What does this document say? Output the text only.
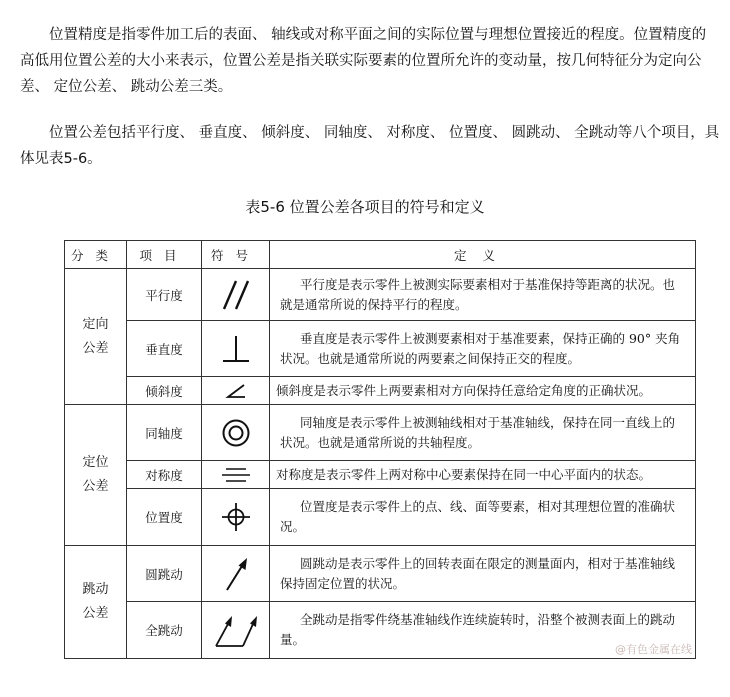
位置精度是指零件加工后的表面、 轴线或对称平面之间的实际位置与理想位置接近的程度。位置精度的高低用位置公差的大小来表示，位置公差是指关联实际要素的位置所允许的变动量，按几何特征分为定向公差、 定位公差、 跳动公差三类。

位置公差包括平行度、 垂直度、 倾斜度、 同轴度、 对称度、 位置度、 圆跳动、 全跳动等八个项目，具体见表5-6。

表5-6 位置公差各项目的符号和定义
分类	项目	符号	定义

定向
公差	平行度		平行度是表示零件上被测实际要素相对于基准保持等距离的状况。也就是通常所说的保持平行的程度。
	垂直度		垂直度是表示零件上被测要素相对于基准要素，保持正确的 90° 夹角状况。也就是通常所说的两要素之间保持正交的程度。
	倾斜度		倾斜度是表示零件上两要素相对方向保持任意给定角度的正确状况。

定位
公差	同轴度		同轴度是表示零件上被测轴线相对于基准轴线，保持在同一直线上的状况。也就是通常所说的共轴程度。
	对称度		对称度是表示零件上两对称中心要素保持在同一中心平面内的状态。
	位置度		位置度是表示零件上的点、线、面等要素，相对其理想位置的准确状况。

跳动
公差	圆跳动		圆跳动是表示零件上的回转表面在限定的测量面内，相对于基准轴线保持固定位置的状况。
	全跳动		全跳动是指零件绕基准轴线作连续旋转时，沿整个被测表面上的跳动量。
@有色金属在线
